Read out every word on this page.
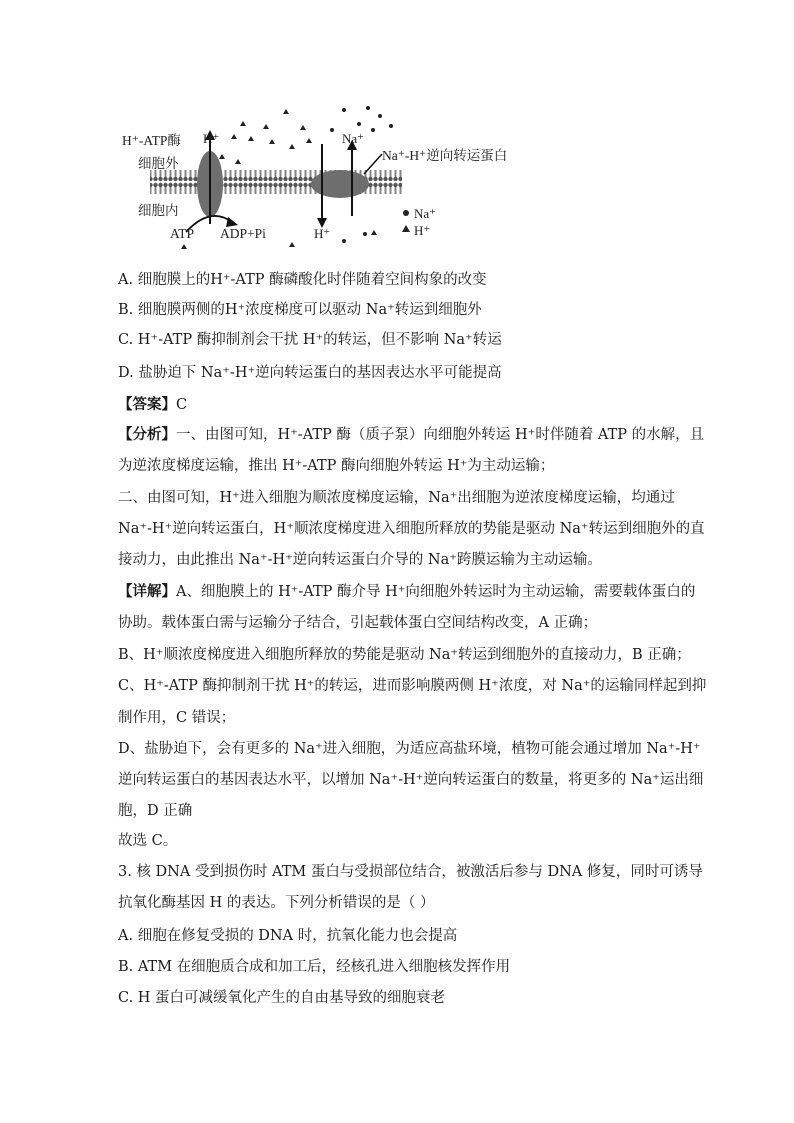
H⁺-ATP酶 H⁺	Na⁺
Na⁺-H⁺逆向转运蛋白
细胞外
细胞内
ATP ADP+Pi	H⁺
Na⁺
H⁺
A. 细胞膜上的H⁺-ATP 酶磷酸化时伴随着空间构象的改变
B. 细胞膜两侧的H⁺浓度梯度可以驱动 Na⁺转运到细胞外
C. H⁺-ATP 酶抑制剂会干扰 H⁺的转运，但不影响 Na⁺转运
D. 盐胁迫下 Na⁺-H⁺逆向转运蛋白的基因表达水平可能提高
【答案】C
【分析】一、由图可知，H⁺-ATP 酶（质子泵）向细胞外转运 H⁺时伴随着 ATP 的水解，且
为逆浓度梯度运输，推出 H⁺-ATP 酶向细胞外转运 H⁺为主动运输；
二、由图可知，H⁺进入细胞为顺浓度梯度运输，Na⁺出细胞为逆浓度梯度运输，均通过
Na⁺-H⁺逆向转运蛋白，H⁺顺浓度梯度进入细胞所释放的势能是驱动 Na⁺转运到细胞外的直
接动力，由此推出 Na⁺-H⁺逆向转运蛋白介导的 Na⁺跨膜运输为主动运输。
【详解】A、细胞膜上的 H⁺-ATP 酶介导 H⁺向细胞外转运时为主动运输，需要载体蛋白的
协助。载体蛋白需与运输分子结合，引起载体蛋白空间结构改变，A 正确；
B、H⁺顺浓度梯度进入细胞所释放的势能是驱动 Na⁺转运到细胞外的直接动力，B 正确；
C、H⁺-ATP 酶抑制剂干扰 H⁺的转运，进而影响膜两侧 H⁺浓度，对 Na⁺的运输同样起到抑
制作用，C 错误；
D、盐胁迫下，会有更多的 Na⁺进入细胞，为适应高盐环境，植物可能会通过增加 Na⁺-H⁺
逆向转运蛋白的基因表达水平，以增加 Na⁺-H⁺逆向转运蛋白的数量，将更多的 Na⁺运出细
胞，D 正确
故选 C。
3. 核 DNA 受到损伤时 ATM 蛋白与受损部位结合，被激活后参与 DNA 修复，同时可诱导
抗氧化酶基因 H 的表达。下列分析错误的是（ ）
A. 细胞在修复受损的 DNA 时，抗氧化能力也会提高
B. ATM 在细胞质合成和加工后，经核孔进入细胞核发挥作用
C. H 蛋白可减缓氧化产生的自由基导致的细胞衰老
